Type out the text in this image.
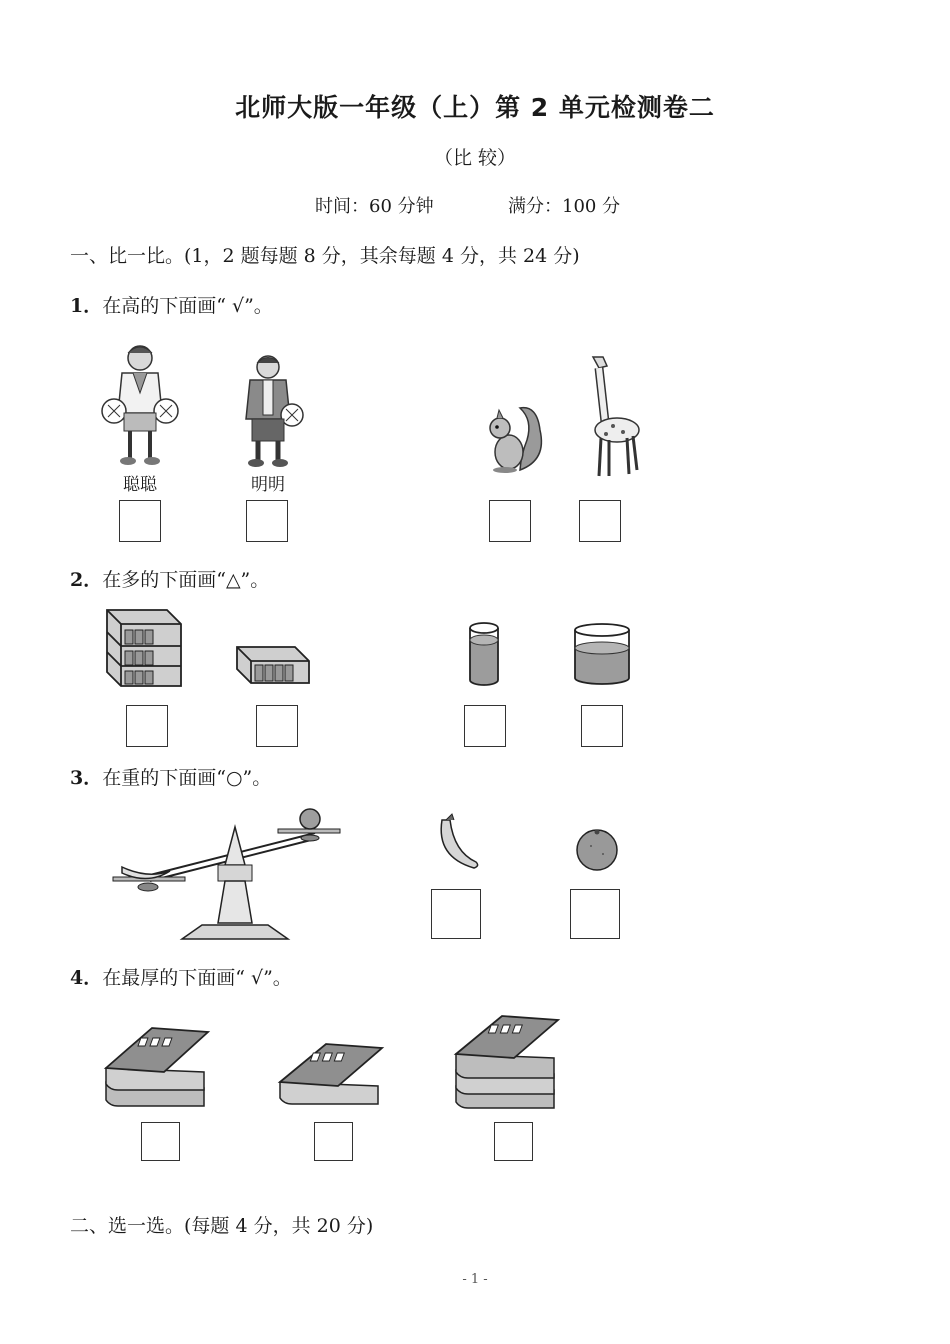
北师大版一年级（上）第 2 单元检测卷二
（比 较）
时间：60 分钟	满分：100 分
一、比一比。(1，2 题每题 8 分，其余每题 4 分，共 24 分)
1．在高的下面画“ √”。
聪聪	明明
2．在多的下面画“△”。
3．在重的下面画“○”。
4．在最厚的下面画“ √”。
二、选一选。(每题 4 分，共 20 分)
- 1 -
